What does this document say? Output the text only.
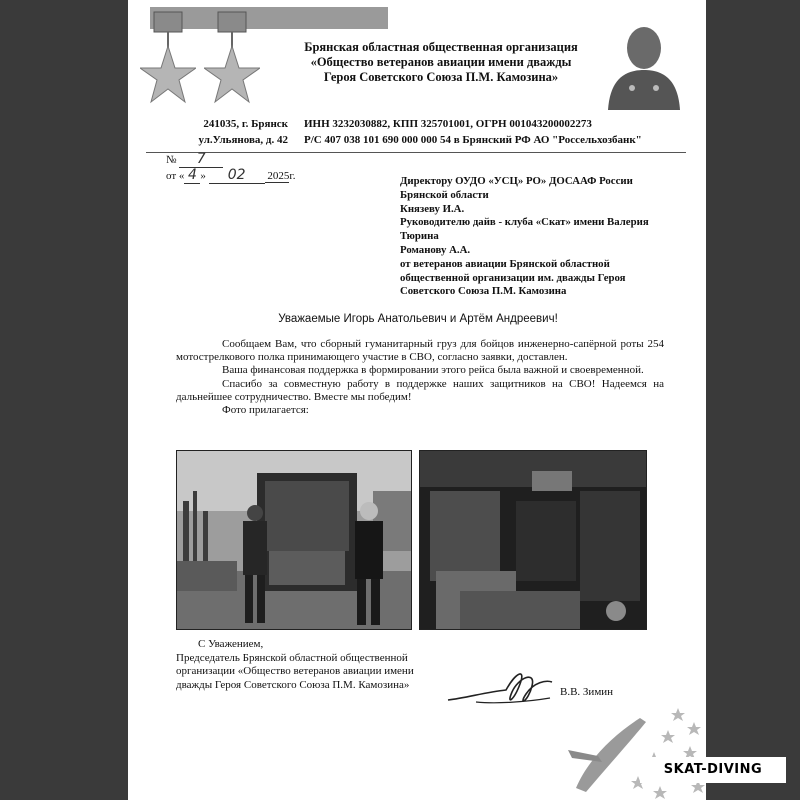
Брянская областная общественная организация
«Общество ветеранов авиации имени дважды
Героя Советского Союза П.М. Камозина»
241035, г. Брянск
ул.Ульянова, д. 42
ИНН 3232030882, КПП 325701001, ОГРН 001043200002273
Р/С 407 038 101 690 000 000 54 в Брянский РФ АО "Россельхозбанк"
№ 7
от « 4 » 02 2025г.	Директору ОУДО «УСЦ» РО» ДОСААФ России
Брянской области
Князеву И.А.
Руководителю дайв - клуба «Скат» имени Валерия
Тюрина
Романову А.А.
от ветеранов авиации Брянской областной
общественной организации им. дважды Героя
Советского Союза П.М. Камозина
Уважаемые Игорь Анатольевич и Артём Андреевич!

Сообщаем Вам, что сборный гуманитарный груз для бойцов инженерно-сапёрной роты 254 мотострелкового полка принимающего участие в СВО, согласно заявки, доставлен.

Ваша финансовая поддержка в формировании этого рейса была важной и своевременной.

Спасибо за совместную работу в поддержке наших защитников на СВО! Надеемся на дальнейшее сотрудничество. Вместе мы победим!

Фото прилагается:

С Уважением,
Председатель Брянской областной общественной
организации «Общество ветеранов авиации имени
дважды Героя Советского Союза П.М. Камозина»
В.В. Зимин
SKAT-DIVING
